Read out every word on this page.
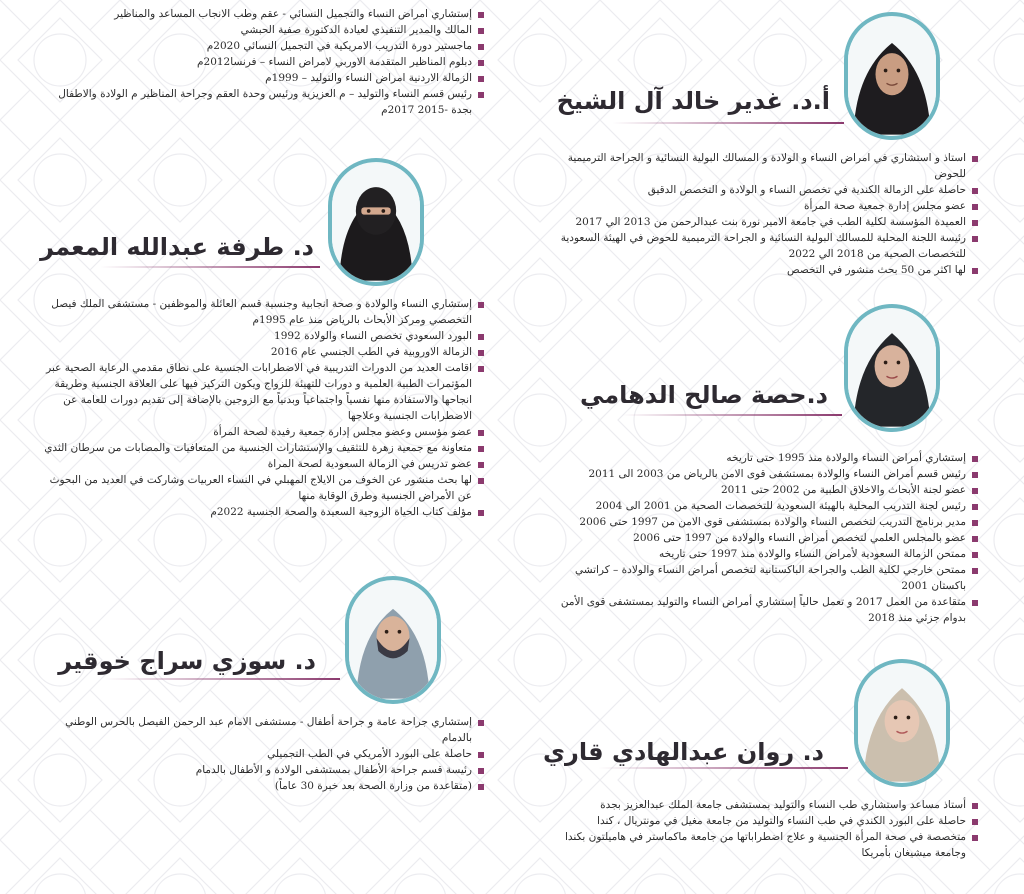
إستشاري امراض النساء والتجميل النسائي - عقم وطب الانجاب المساعد والمناظير
المالك والمدير التنفيذي لعيادة الدكتورة صفية الحبشي
ماجستير دورة التدريب الامريكية في التجميل النسائي 2020م
دبلوم المناظير المتقدمة الاوربي لامراض النساء – فرنسا2012م
الزمالة الاردنية امراض النساء والتوليد – 1999م
رئيس قسم النساء والتوليد – م العزيزية ورئيس وحدة العقم وجراحة المناظير م الولادة والاطفال بجدة -2015 2017م
د. طرفة عبدالله المعمر
إستشاري النساء والولادة و صحة انجابية وجنسية قسم العائلة والموظفين - مستشفى الملك فيصل التخصصي ومركز الأبحاث بالرياض منذ عام 1995م
البورد السعودي تخصص النساء والولادة 1992
الزمالة الاوروبية في الطب الجنسي عام 2016
اقامت العديد من الدورات التدريبية في الاضطرابات الجنسية على نطاق مقدمي الرعاية الصحية عبر المؤتمرات الطبية العلمية و دورات للتهيئة للزواج ويكون التركيز فيها على العلاقة الجنسية وطريقة انجاحها والاستفادة منها نفسياً واجتماعياً وبدنياً مع الزوجين بالإضافة إلى تقديم دورات للعامة عن الاضطرابات الجنسية وعلاجها
عضو مؤسس وعضو مجلس إدارة جمعية رفيدة لصحة المرأة
متعاونة مع جمعية زهرة للتثقيف والإستشارات الجنسية من المتعافيات والمصابات من سرطان الثدي
عضو تدريس في الزمالة السعودية لصحة المراة
لها بحث منشور عن الخوف من الايلاج المهبلي في النساء العربيات وشاركت في العديد من البحوث عن الأمراض الجنسية وطرق الوقاية منها
مؤلف كتاب الحياة الزوجية السعيدة والصحة الجنسية 2022م
د. سوزي سراج خوقير
إستشاري جراحة عامة و جراحة أطفال - مستشفى الامام عبد الرحمن الفيصل بالحرس الوطني بالدمام
حاصلة على البورد الأمريكي في الطب التجميلي
رئيسة قسم جراحة الأطفال بمستشفى الولادة و الأطفال بالدمام
(متقاعدة من وزارة الصحة بعد خبرة 30 عاماً)
أ.د. غدير خالد آل الشيخ
استاذ و استشاري في امراض النساء و الولادة و المسالك البولية النسائية و الجراحة الترميمية للحوض
حاصلة على الزمالة الكندية في تخصص النساء و الولادة و التخصص الدقيق
عضو مجلس إدارة جمعية صحة المرأة
العميدة المؤسسة لكلية الطب في جامعة الامير نورة بنت عبدالرحمن من 2013 الي 2017
رئيسة اللجنة المحلية للمسالك البولية النسائية و الجراحة الترميمية للحوض في الهيئة السعودية للتخصصات الصحية من 2018 الي 2022
لها اكثر من 50 بحث منشور في التخصص
د.حصة صالح الدهامي
إستشاري أمراض النساء والولادة منذ 1995 حتى تاريخه
رئيس قسم أمراض النساء والولادة بمستشفى قوى الامن بالرياض من 2003 الى 2011
عضو لجنة الأبحاث والاخلاق الطبية من 2002 حتى 2011
رئيس لجنة التدريب المحلية بالهيئة السعودية للتخصصات الصحية من 2001 الى 2004
مدير برنامج التدريب لتخصص النساء والولادة بمستشفى قوى الامن من 1997 حتى 2006
عضو بالمجلس العلمي لتخصص أمراض النساء والولادة من 1997 حتى 2006
ممتحن الزمالة السعودية لأمراض النساء والولادة منذ 1997 حتى تاريخه
ممتحن خارجي لكلية الطب والجراحة الباكستانية لتخصص أمراض النساء والولادة – كراتشي باكستان 2001
متقاعدة من العمل 2017 و تعمل حالياً إستشاري أمراض النساء والتوليد بمستشفى قوى الأمن بدوام جزئي منذ 2018
د. روان عبدالهادي قاري
أستاذ مساعد واستشاري طب النساء والتوليد بمستشفى جامعة الملك عبدالعزيز بجدة
حاصلة على البورد الكندي في طب النساء والتوليد من جامعة مغيل في مونتريال ، كندا
متخصصة في صحة المرأة الجنسية و علاج اضطراباتها من جامعة ماكماستر في هاميلتون بكندا وجامعة ميشيغان بأمريكا
